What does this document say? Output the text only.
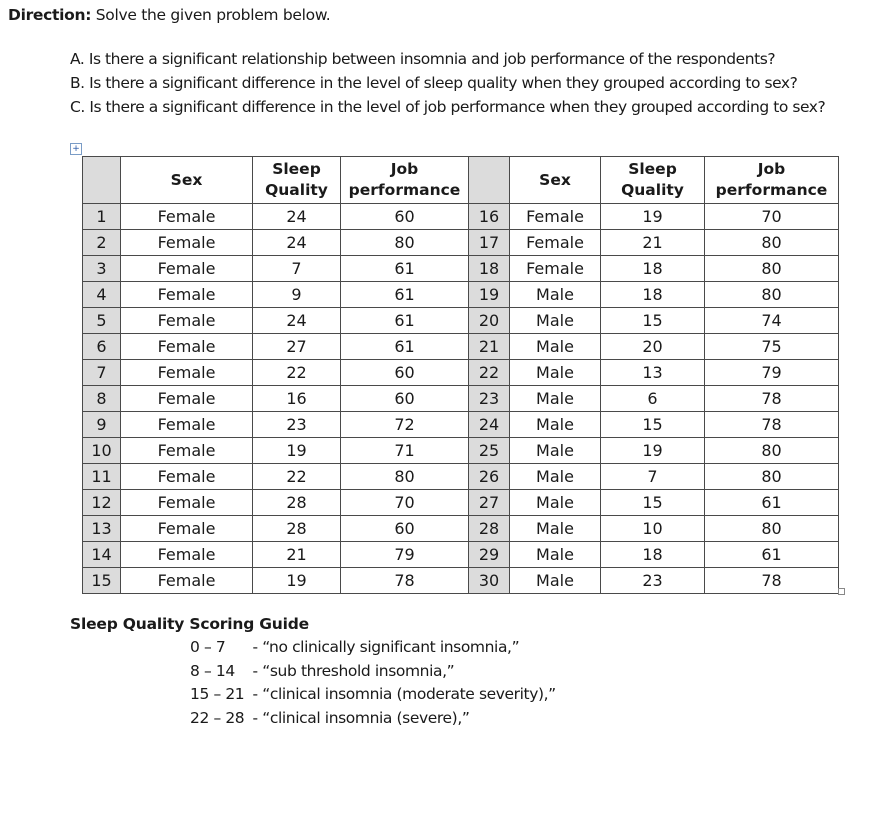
Direction: Solve the given problem below.

A. Is there a significant relationship between insomnia and job performance of the respondents?

B. Is there a significant difference in the level of sleep quality when they grouped according to sex?

C. Is there a significant difference in the level of job performance when they grouped according to sex?

+
	Sex	Sleep Quality	Job performance		Sex	Sleep Quality	Job performance
1	Female	24	60	16	Female	19	70
2	Female	24	80	17	Female	21	80
3	Female	7	61	18	Female	18	80
4	Female	9	61	19	Male	18	80
5	Female	24	61	20	Male	15	74
6	Female	27	61	21	Male	20	75
7	Female	22	60	22	Male	13	79
8	Female	16	60	23	Male	6	78
9	Female	23	72	24	Male	15	78
10	Female	19	71	25	Male	19	80
11	Female	22	80	26	Male	7	80
12	Female	28	70	27	Male	15	61
13	Female	28	60	28	Male	10	80
14	Female	21	79	29	Male	18	61
15	Female	19	78	30	Male	23	78
Sleep Quality Scoring Guide
0 – 7 - “no clinically significant insomnia,”
8 – 14 - “sub threshold insomnia,”
15 – 21 - “clinical insomnia (moderate severity),”
22 – 28 - “clinical insomnia (severe),”
